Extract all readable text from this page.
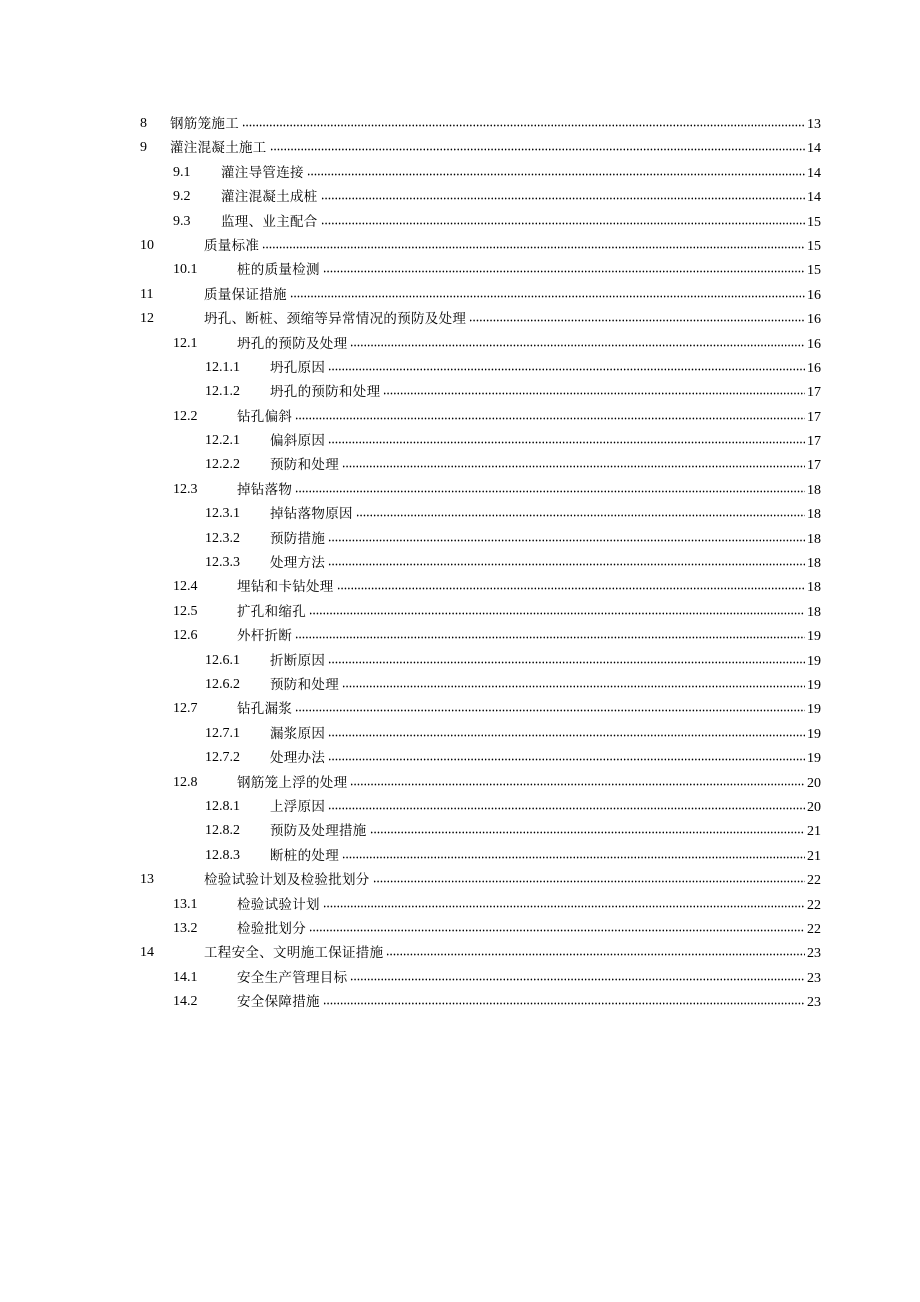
8 钢筋笼施工	13
9 灌注混凝土施工	14
9.1 灌注导管连接	14
9.2 灌注混凝土成桩	14
9.3 监理、业主配合	15
10	质量标准	15
10.1	桩的质量检测	15
11	质量保证措施	16
12	坍孔、断桩、颈缩等异常情况的预防及处理	16
12.1	坍孔的预防及处理	16
12.1.1 坍孔原因	16
12.1.2 坍孔的预防和处理	17
12.2	钻孔偏斜	17
12.2.1 偏斜原因	17
12.2.2 预防和处理	17
12.3	掉钻落物	18
12.3.1 掉钻落物原因	18
12.3.2 预防措施	18
12.3.3 处理方法	18
12.4	埋钻和卡钻处理	18
12.5	扩孔和缩孔	18
12.6	外杆折断	19
12.6.1 折断原因	19
12.6.2 预防和处理	19
12.7	钻孔漏浆	19
12.7.1 漏浆原因	19
12.7.2 处理办法	19
12.8	钢筋笼上浮的处理	20
12.8.1 上浮原因	20
12.8.2 预防及处理措施	21
12.8.3 断桩的处理	21
13	检验试验计划及检验批划分	22
13.1	检验试验计划	22
13.2	检验批划分	22
14	工程安全、文明施工保证措施	23
14.1	安全生产管理目标	23
14.2	安全保障措施	23
